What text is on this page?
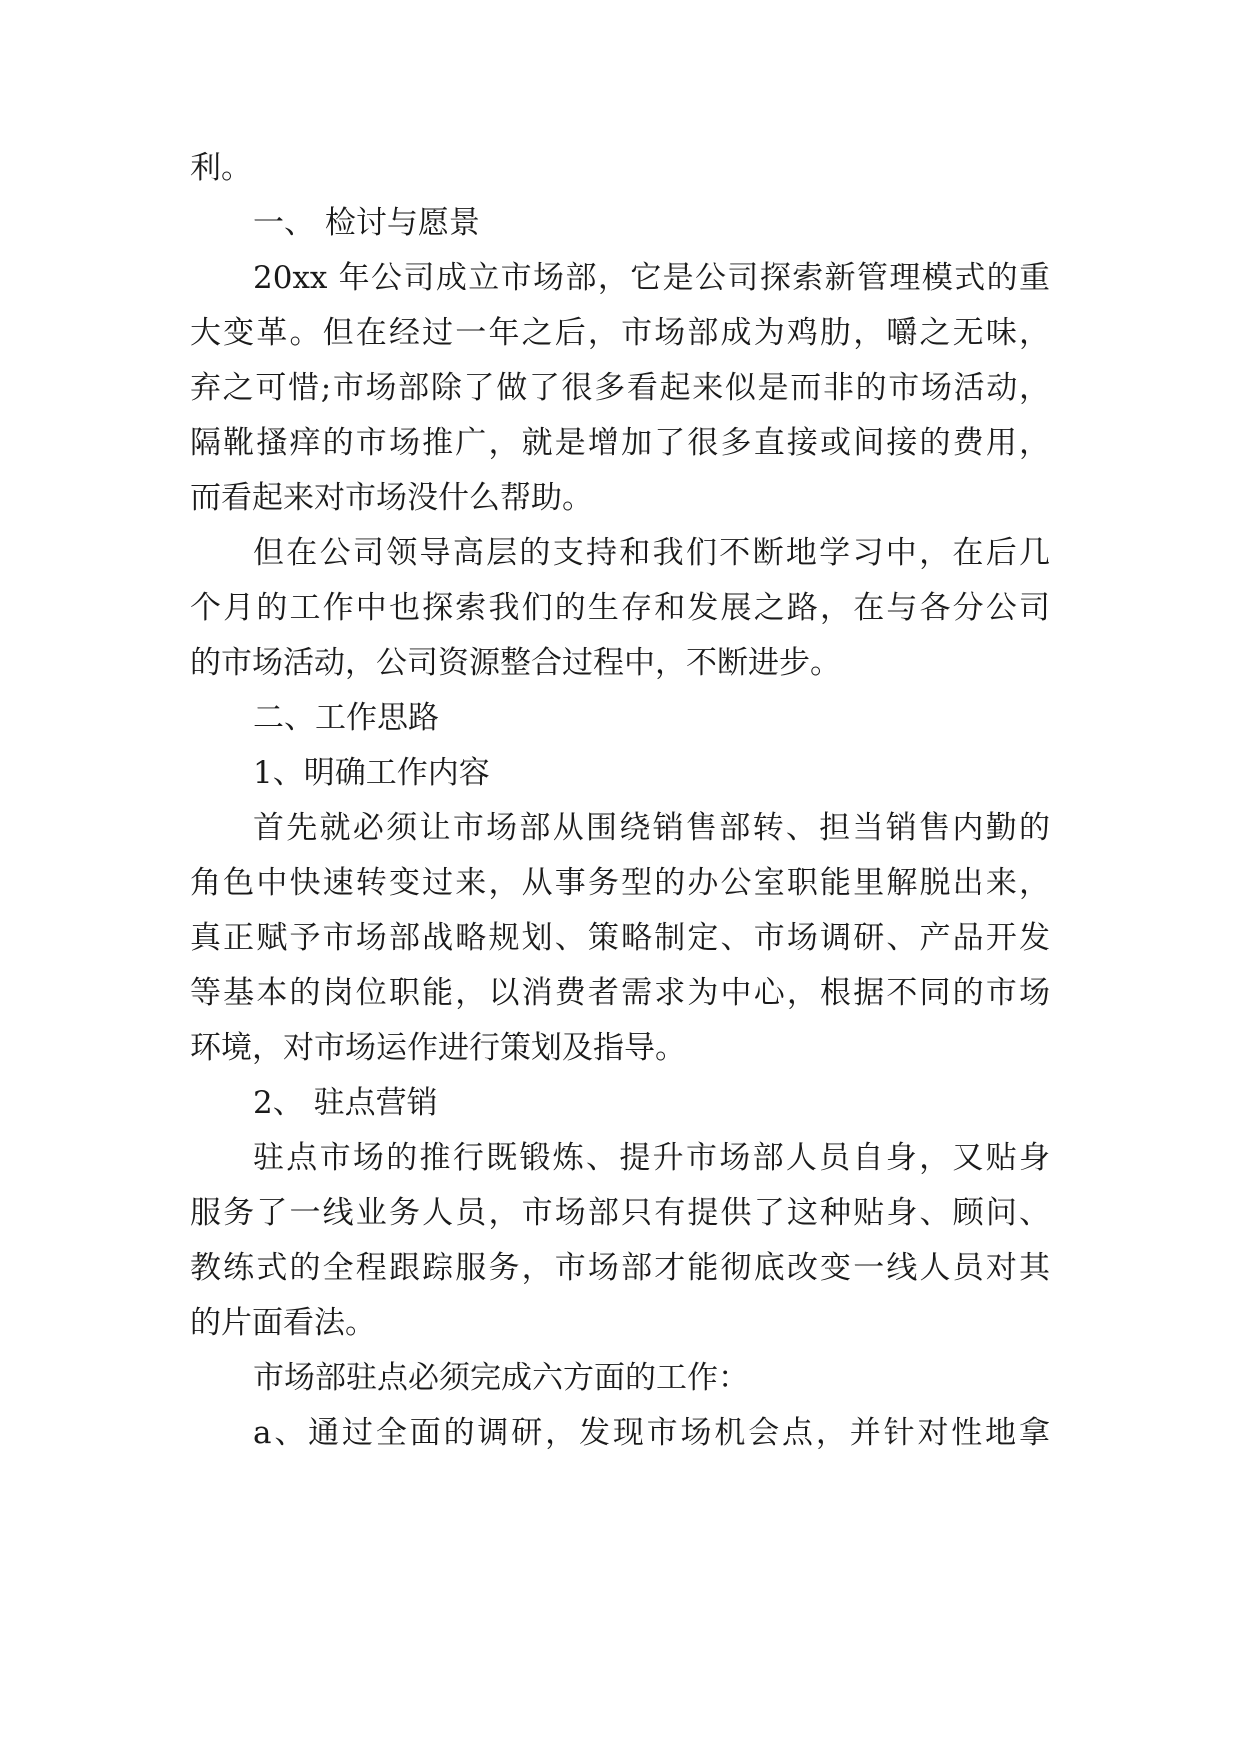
利。
一、 检讨与愿景
20xx 年公司成立市场部，它是公司探索新管理模式的重
大变革。但在经过一年之后，市场部成为鸡肋，嚼之无味，
弃之可惜;市场部除了做了很多看起来似是而非的市场活动，
隔靴搔痒的市场推广，就是增加了很多直接或间接的费用，
而看起来对市场没什么帮助。
但在公司领导高层的支持和我们不断地学习中，在后几
个月的工作中也探索我们的生存和发展之路，在与各分公司
的市场活动，公司资源整合过程中，不断进步。
二、工作思路
1、明确工作内容
首先就必须让市场部从围绕销售部转、担当销售内勤的
角色中快速转变过来，从事务型的办公室职能里解脱出来，
真正赋予市场部战略规划、策略制定、市场调研、产品开发
等基本的岗位职能，以消费者需求为中心，根据不同的市场
环境，对市场运作进行策划及指导。
2、 驻点营销
驻点市场的推行既锻炼、提升市场部人员自身，又贴身
服务了一线业务人员，市场部只有提供了这种贴身、顾问、
教练式的全程跟踪服务，市场部才能彻底改变一线人员对其
的片面看法。
市场部驻点必须完成六方面的工作：
a、通过全面的调研，发现市场机会点，并针对性地拿
